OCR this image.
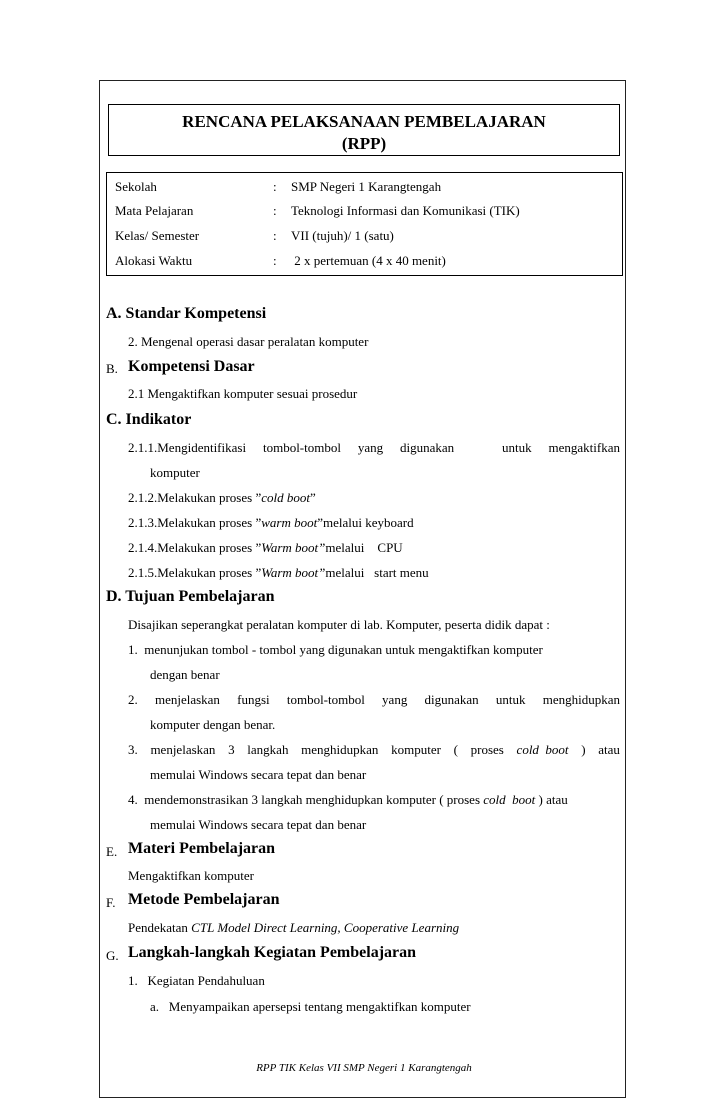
RENCANA PELAKSANAAN PEMBELAJARAN
(RPP)
Sekolah	: SMP Negeri 1 Karangtengah
Mata Pelajaran	: Teknologi Informasi dan Komunikasi (TIK)
Kelas/ Semester	: VII (tujuh)/ 1 (satu)
Alokasi Waktu	: 2 x pertemuan (4 x 40 menit)
A. Standar Kompetensi
2. Mengenal operasi dasar peralatan komputer
B. Kompetensi Dasar
2.1 Mengaktifkan komputer sesuai prosedur
C. Indikator
2.1.1.Mengidentifikasi tombol-tombol yang digunakan	untuk mengaktifkan
komputer
2.1.2.Melakukan proses ”cold boot”
2.1.3.Melakukan proses ”warm boot”melalui keyboard
2.1.4.Melakukan proses ”Warm boot”melalui    CPU
2.1.5.Melakukan proses ”Warm boot”melalui   start menu
D. Tujuan Pembelajaran
Disajikan seperangkat peralatan komputer di lab. Komputer, peserta didik dapat :
1. menunjukan tombol - tombol yang digunakan untuk mengaktifkan komputer
dengan benar
2. menjelaskan fungsi tombol-tombol yang digunakan untuk menghidupkan
komputer dengan benar.
3. menjelaskan 3 langkah menghidupkan komputer ( proses cold  boot ) atau
memulai Windows secara tepat dan benar
4. mendemonstrasikan 3 langkah menghidupkan komputer ( proses cold  boot ) atau
memulai Windows secara tepat dan benar
E. Materi Pembelajaran
Mengaktifkan komputer
F. Metode Pembelajaran
Pendekatan CTL Model Direct Learning, Cooperative Learning
G. Langkah-langkah Kegiatan Pembelajaran
1.   Kegiatan Pendahuluan
a.   Menyampaikan apersepsi tentang mengaktifkan komputer
RPP TIK Kelas VII SMP Negeri 1 Karangtengah
